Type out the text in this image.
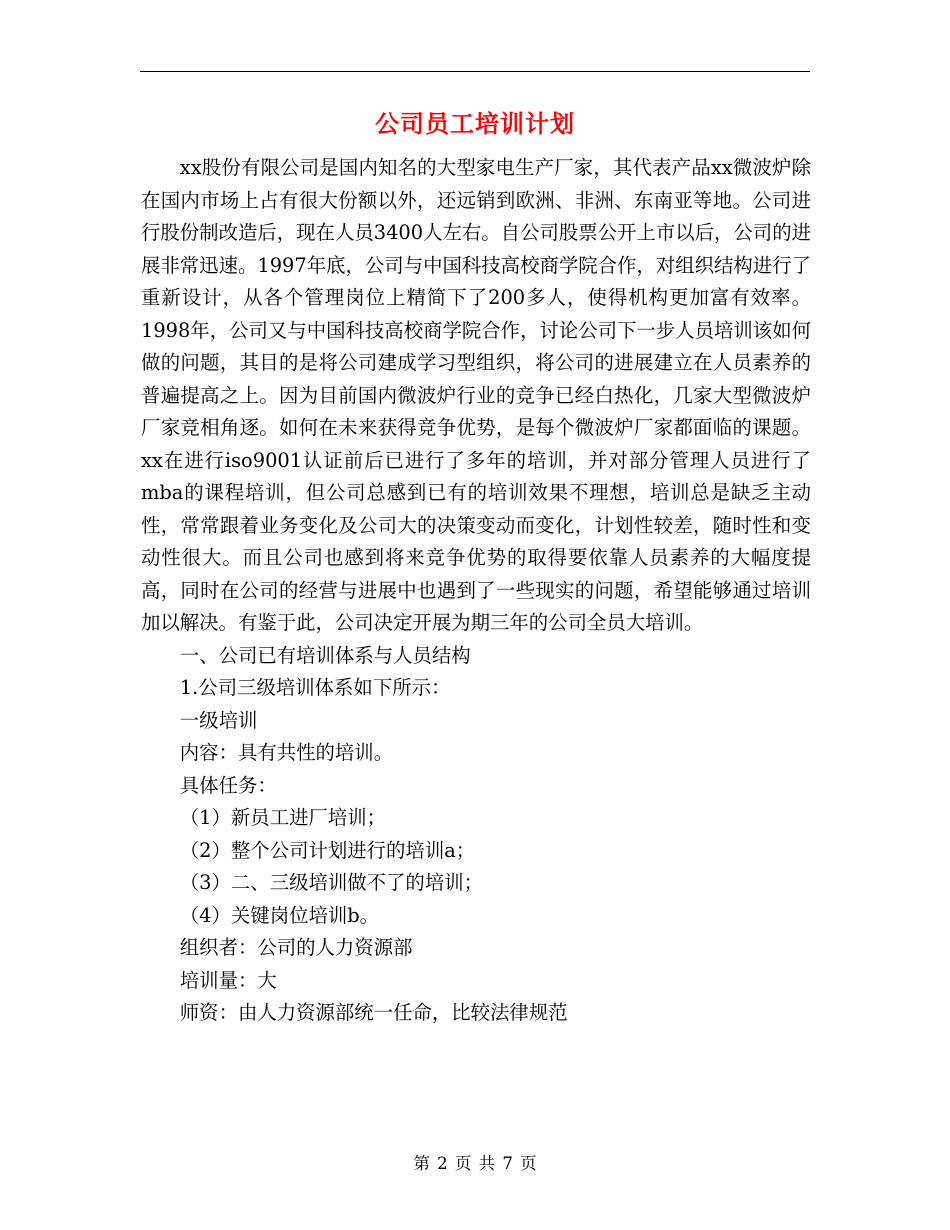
公司员工培训计划

xx股份有限公司是国内知名的大型家电生产厂家，其代表产品xx微波炉除在国内市场上占有很大份额以外，还远销到欧洲、非洲、东南亚等地。公司进行股份制改造后，现在人员3400人左右。自公司股票公开上市以后，公司的进展非常迅速。1997年底，公司与中国科技高校商学院合作，对组织结构进行了重新设计，从各个管理岗位上精简下了200多人，使得机构更加富有效率。1998年，公司又与中国科技高校商学院合作，讨论公司下一步人员培训该如何做的问题，其目的是将公司建成学习型组织，将公司的进展建立在人员素养的普遍提高之上。因为目前国内微波炉行业的竞争已经白热化，几家大型微波炉厂家竞相角逐。如何在未来获得竞争优势，是每个微波炉厂家都面临的课题。xx在进行iso9001认证前后已进行了多年的培训，并对部分管理人员进行了mba的课程培训，但公司总感到已有的培训效果不理想，培训总是缺乏主动性，常常跟着业务变化及公司大的决策变动而变化，计划性较差，随时性和变动性很大。而且公司也感到将来竞争优势的取得要依靠人员素养的大幅度提高，同时在公司的经营与进展中也遇到了一些现实的问题，希望能够通过培训加以解决。有鉴于此，公司决定开展为期三年的公司全员大培训。

一、公司已有培训体系与人员结构

1.公司三级培训体系如下所示：

一级培训

内容：具有共性的培训。

具体任务：

（1）新员工进厂培训；

（2）整个公司计划进行的培训a；

（3）二、三级培训做不了的培训；

（4）关键岗位培训b。

组织者：公司的人力资源部

培训量：大

师资：由人力资源部统一任命，比较法律规范

第 2 页 共 7 页
